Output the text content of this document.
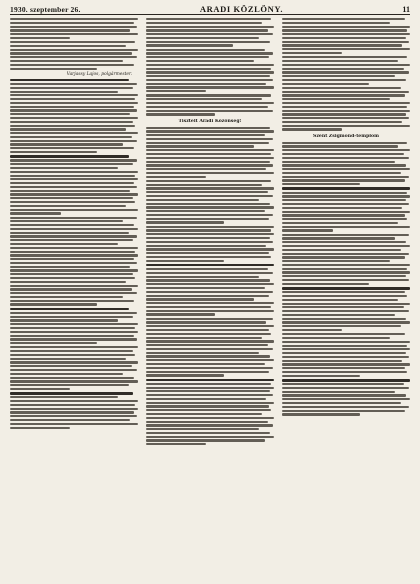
1930. szeptember 26.	ARADI KÖZLÖNY.	11
Varjassy Lajos, polgármester.
Tisztelt Aradi Közönség!
Szent Zsigmond-templom
